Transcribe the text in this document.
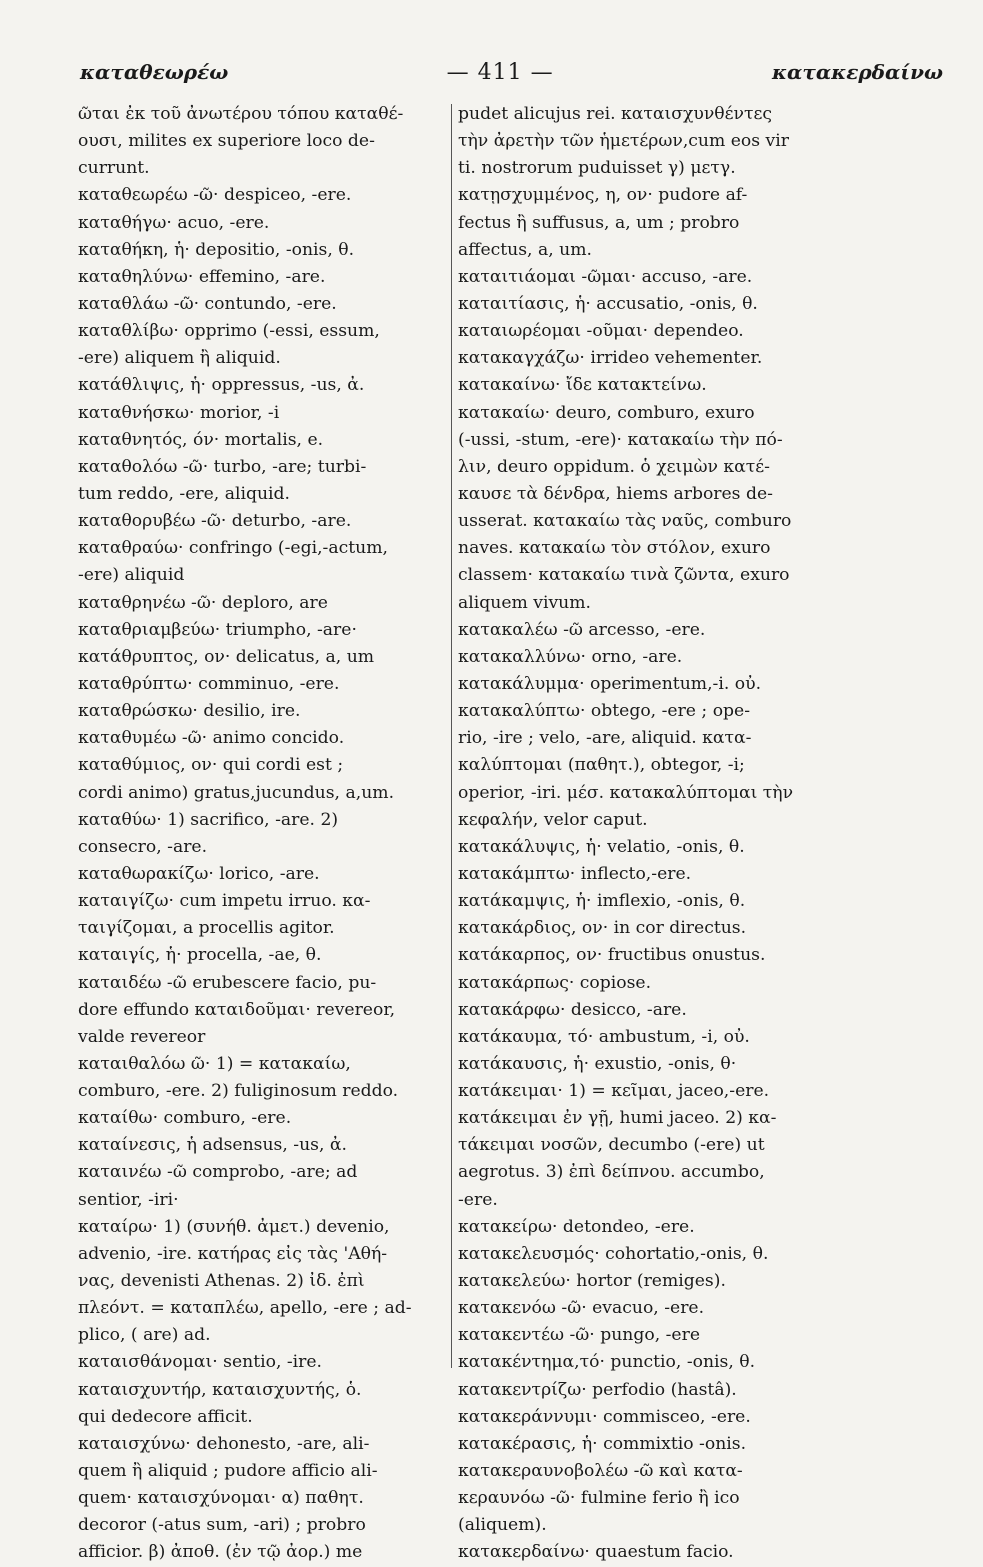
καταθεωρέω	— 411 —	κατακερδαίνω
ῶται ἐκ τοῦ ἀνωτέρου τόπου καταθέ-
ουσι, milites ex superiore loco de-
currunt.
καταθεωρέω -ῶ· despiceo, -ere.
καταθήγω· acuo, -ere.
καταθήκη, ἡ· depositio, -onis, θ.
καταθηλύνω· effemino, -are.
καταθλάω -ῶ· contundo, -ere.
καταθλίβω· opprimo (-essi, essum,
-ere) aliquem ἢ aliquid.
κατάθλιψις, ἡ· oppressus, -us, ἀ.
καταθνήσκω· morior, -i
καταθνητός, όν· mortalis, e.
καταθολόω -ῶ· turbo, -are; turbi-
tum reddo, -ere, aliquid.
καταθορυβέω -ῶ· deturbo, -are.
καταθραύω· confringo (-egi,-actum,
-ere) aliquid
καταθρηνέω -ῶ· deploro, are
καταθριαμβεύω· triumpho, -are·
κατάθρυπτος, ον· delicatus, a, um
καταθρύπτω· comminuo, -ere.
καταθρώσκω· desilio, ire.
καταθυμέω -ῶ· animo concido.
καταθύμιος, ον· qui cordi est ;
cordi animo) gratus,jucundus, a,um.
καταθύω· 1) sacrifico, -are. 2)
consecro, -are.
καταθωρακίζω· lorico, -are.
καταιγίζω· cum impetu irruo. κα-
ταιγίζομαι, a procellis agitor.
καταιγίς, ἡ· procella, -ae, θ.
καταιδέω -ῶ erubescere facio, pu-
dore effundo καταιδοῦμαι· revereor,
valde revereor
καταιθαλόω ῶ· 1) = κατακαίω,
comburo, -ere. 2) fuliginosum reddo.
καταίθω· comburo, -ere.
καταίνεσις, ἡ adsensus, -us, ἀ.
καταινέω -ῶ comprobo, -are; ad
sentior, -iri·
καταίρω· 1) (συνήθ. ἀμετ.) devenio,
advenio, -ire. κατήρας εἰς τὰς 'Αθή-
νας, devenisti Athenas. 2) ἰδ. ἐπὶ
πλεόντ. = καταπλέω, apello, -ere ; ad-
plico, ( are) ad.
καταισθάνομαι· sentio, -ire.
καταισχυντήρ, καταισχυντής, ὁ.
qui dedecore afficit.
καταισχύνω· dehonesto, -are, ali-
quem ἢ aliquid ; pudore afficio ali-
quem· καταισχύνομαι· α) παθητ.
decoror (-atus sum, -ari) ; probro
afficior. β) ἀποθ. (ἐν τῷ ἀορ.) me
pudet alicujus rei. καταισχυνθέντες
τὴν ἀρετὴν τῶν ἡμετέρων,cum eos vir
ti. nostrorum puduisset γ) μετγ.
κατῃσχυμμένος, η, ον· pudore af-
fectus ἢ suffusus, a, um ; probro
affectus, a, um.
καταιτιάομαι -ῶμαι· accuso, -are.
καταιτίασις, ἡ· accusatio, -onis, θ.
καταιωρέομαι -οῦμαι· dependeo.
κατακαγχάζω· irrideo vehementer.
κατακαίνω· ἴδε κατακτείνω.
κατακαίω· deuro, comburo, exuro
(-ussi, -stum, -ere)· κατακαίω τὴν πό-
λιν, deuro oppidum. ὁ χειμὼν κατέ-
καυσε τὰ δένδρα, hiems arbores de-
usserat. κατακαίω τὰς ναῦς, comburo
naves. κατακαίω τὸν στόλον, exuro
classem· κατακαίω τινὰ ζῶντα, exuro
aliquem vivum.
κατακαλέω -ῶ arcesso, -ere.
κατακαλλύνω· orno, -are.
κατακάλυμμα· operimentum,-i. οὐ.
κατακαλύπτω· obtego, -ere ; ope-
rio, -ire ; velo, -are, aliquid. κατα-
καλύπτομαι (παθητ.), obtegor, -i;
operior, -iri. μέσ. κατακαλύπτομαι τὴν
κεφαλήν, velor caput.
κατακάλυψις, ἡ· velatio, -onis, θ.
κατακάμπτω· inflecto,-ere.
κατάκαμψις, ἡ· imflexio, -onis, θ.
κατακάρδιος, ον· in cor directus.
κατάκαρπος, ον· fructibus onustus.
κατακάρπως· copiose.
κατακάρφω· desicco, -are.
κατάκαυμα, τό· ambustum, -i, οὐ.
κατάκαυσις, ἡ· exustio, -onis, θ·
κατάκειμαι· 1) = κεῖμαι, jaceo,-ere.
κατάκειμαι ἐν γῇ, humi jaceo. 2) κα-
τάκειμαι νοσῶν, decumbo (-ere) ut
aegrotus. 3) ἐπὶ δείπνου. accumbo,
-ere.
κατακείρω· detondeo, -ere.
κατακελευσμός· cohortatio,-onis, θ.
κατακελεύω· hortor (remiges).
κατακενόω -ῶ· evacuo, -ere.
κατακεντέω -ῶ· pungo, -ere
κατακέντημα,τό· punctio, -onis, θ.
κατακεντρίζω· perfodio (hastâ).
κατακεράννυμι· commisceo, -ere.
κατακέρασις, ἡ· commixtio -onis.
κατακεραυνοβολέω -ῶ καὶ κατα-
κεραυνόω -ῶ· fulmine ferio ἢ ico
(aliquem).
κατακερδαίνω· quaestum facio.
